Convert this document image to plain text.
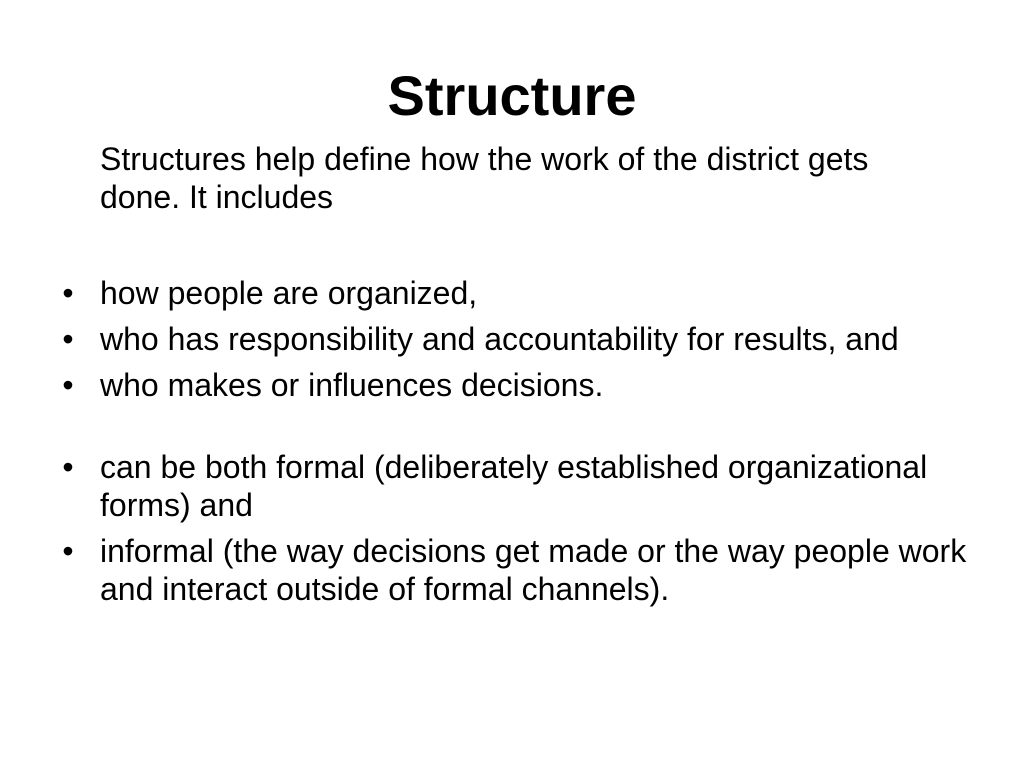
Structure

Structures help define how the work of the district gets done. It includes

• how people are organized,
• who has responsibility and accountability for results, and
• who makes or influences decisions.
• can be both formal (deliberately established organizational forms) and
• informal (the way decisions get made or the way people work and interact outside of formal channels).
